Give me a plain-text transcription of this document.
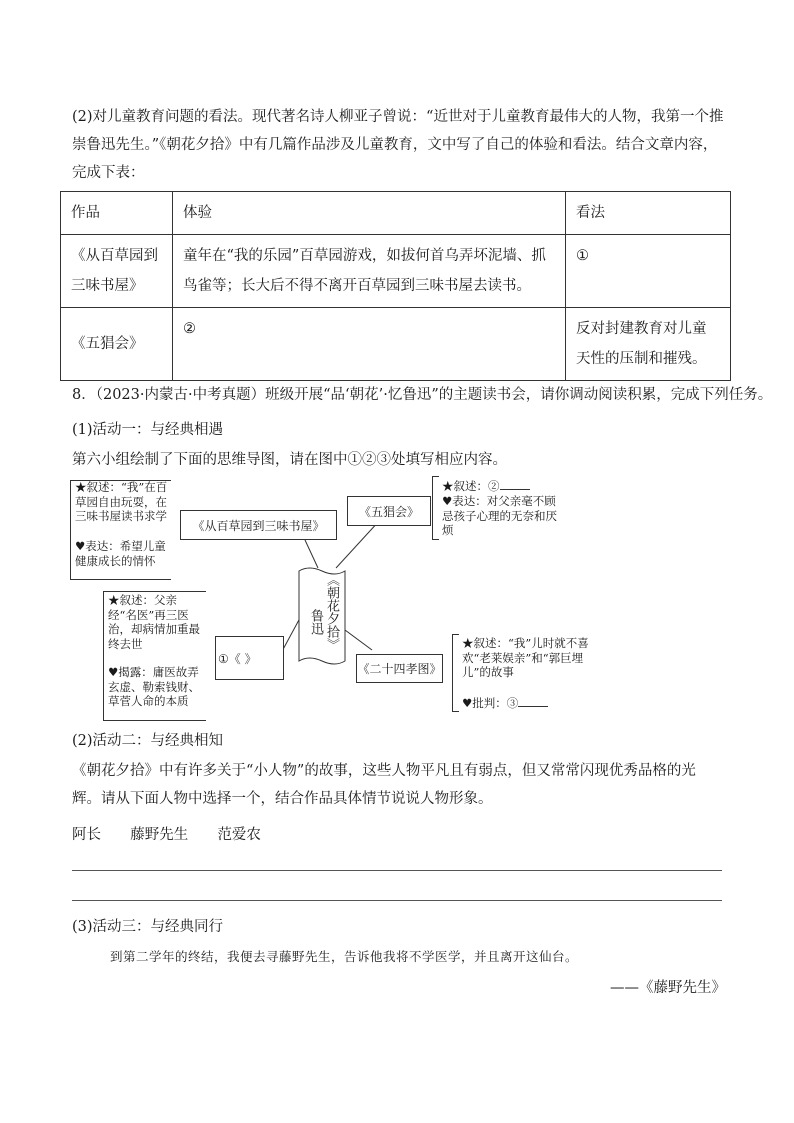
(2)对儿童教育问题的看法。现代著名诗人柳亚子曾说：“近世对于儿童教育最伟大的人物，我第一个推崇鲁迅先生。”《朝花夕拾》中有几篇作品涉及儿童教育，文中写了自己的体验和看法。结合文章内容，完成下表：
作品	体验	看法
《从百草园到三味书屋》	童年在“我的乐园”百草园游戏，如拔何首乌弄坏泥墙、抓鸟雀等；长大后不得不离开百草园到三味书屋去读书。	①
《五猖会》	②	反对封建教育对儿童天性的压制和摧残。
8．（2023·内蒙古·中考真题）班级开展“品‘朝花’·忆鲁迅”的主题读书会，请你调动阅读积累，完成下列任务。
(1)活动一：与经典相遇
第六小组绘制了下面的思维导图，请在图中①②③处填写相应内容。
★叙述：“我”在百草园自由玩耍，在三味书屋读书求学
♥表达：希望儿童健康成长的情怀
《从百草园到三味书屋》
《五猖会》
★叙述：②
♥表达：对父亲毫不顾忌孩子心理的无奈和厌烦
《朝花夕拾》
鲁迅
★叙述：父亲经“名医”再三医治，却病情加重最终去世
♥揭露：庸医故弄玄虚、勒索钱财、草菅人命的本质
①《 》
《二十四孝图》
★叙述：“我”儿时就不喜欢“老莱娱亲”和“郭巨埋儿”的故事
♥批判：③
(2)活动二：与经典相知
《朝花夕拾》中有许多关于“小人物”的故事，这些人物平凡且有弱点，但又常常闪现优秀品格的光辉。请从下面人物中选择一个，结合作品具体情节说说人物形象。
阿长 藤野先生 范爱农
(3)活动三：与经典同行
到第二学年的终结，我便去寻藤野先生，告诉他我将不学医学，并且离开这仙台。
——《藤野先生》
